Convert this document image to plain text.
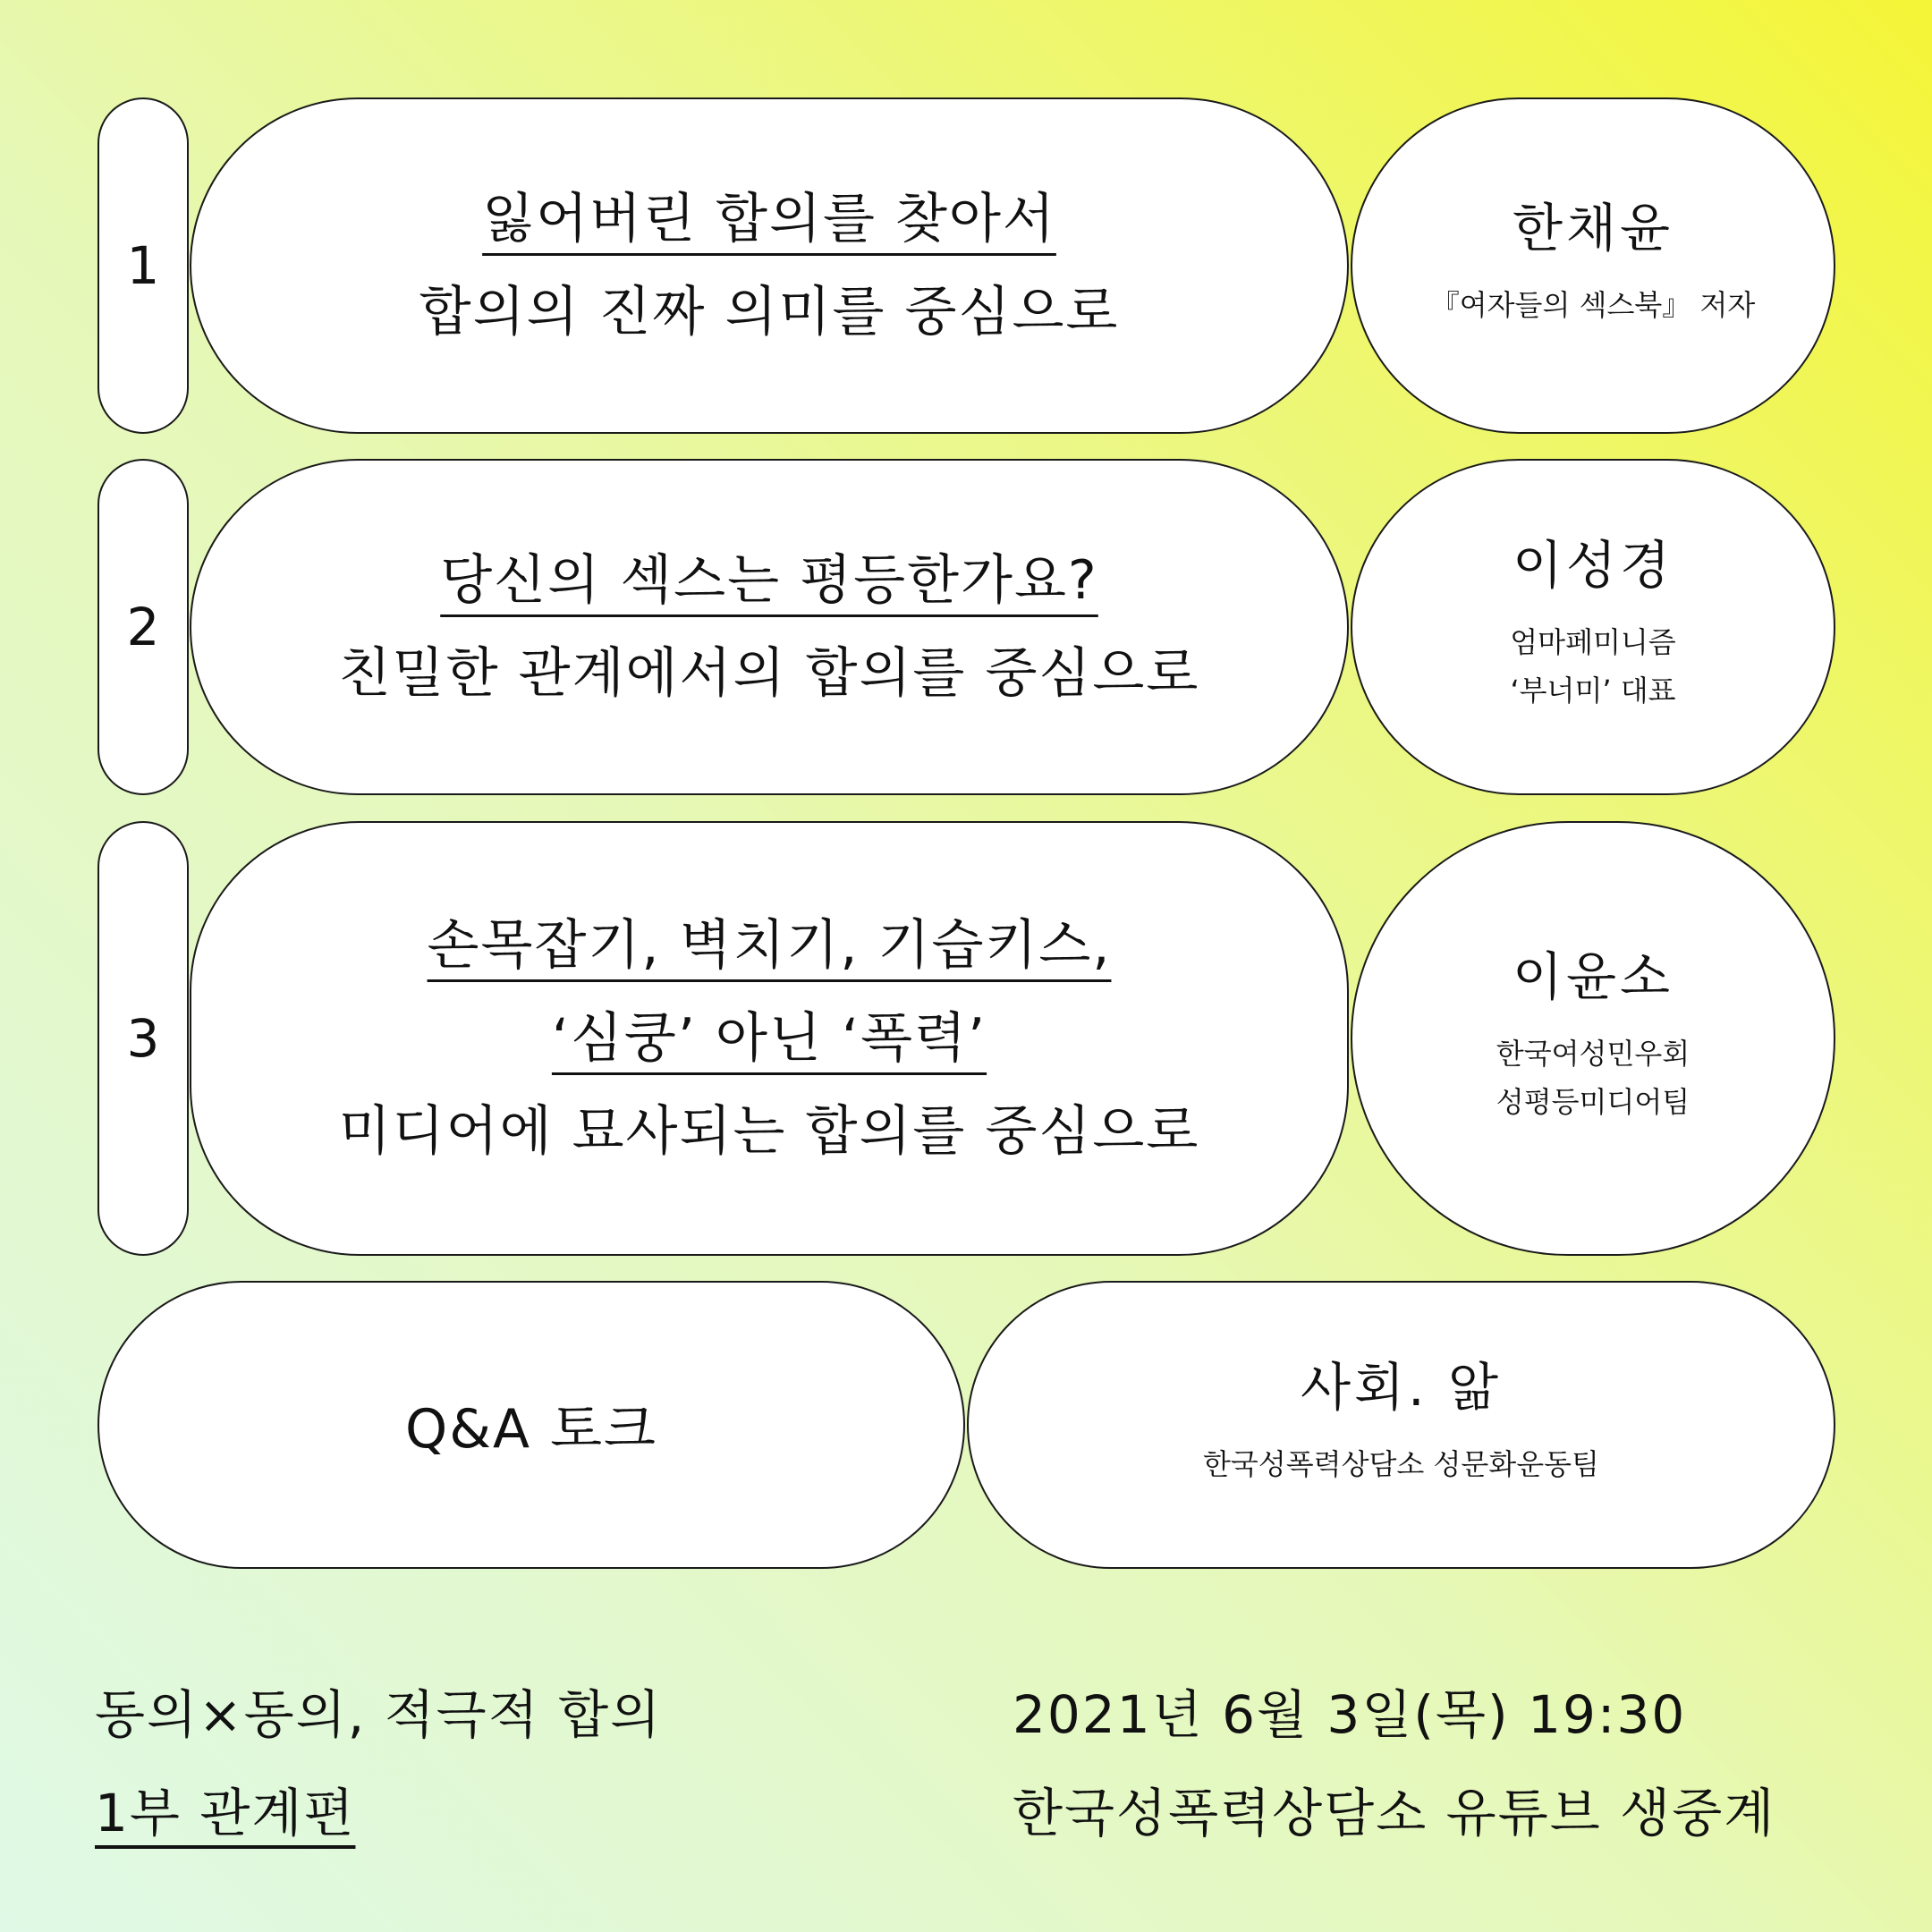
1
잃어버린 합의를 찾아서
합의의 진짜 의미를 중심으로
한채윤
『여자들의 섹스북』 저자
2
당신의 섹스는 평등한가요?
친밀한 관계에서의 합의를 중심으로
이성경
엄마페미니즘
‘부너미’ 대표
3
손목잡기, 벽치기, 기습키스,
‘심쿵’ 아닌 ‘폭력’
미디어에 묘사되는 합의를 중심으로
이윤소
한국여성민우회
성평등미디어팀
Q&A 토크
사회. 앎
한국성폭력상담소 성문화운동팀
동의×동의, 적극적 합의
1부 관계편
2021년 6월 3일(목) 19:30
한국성폭력상담소 유튜브 생중계
